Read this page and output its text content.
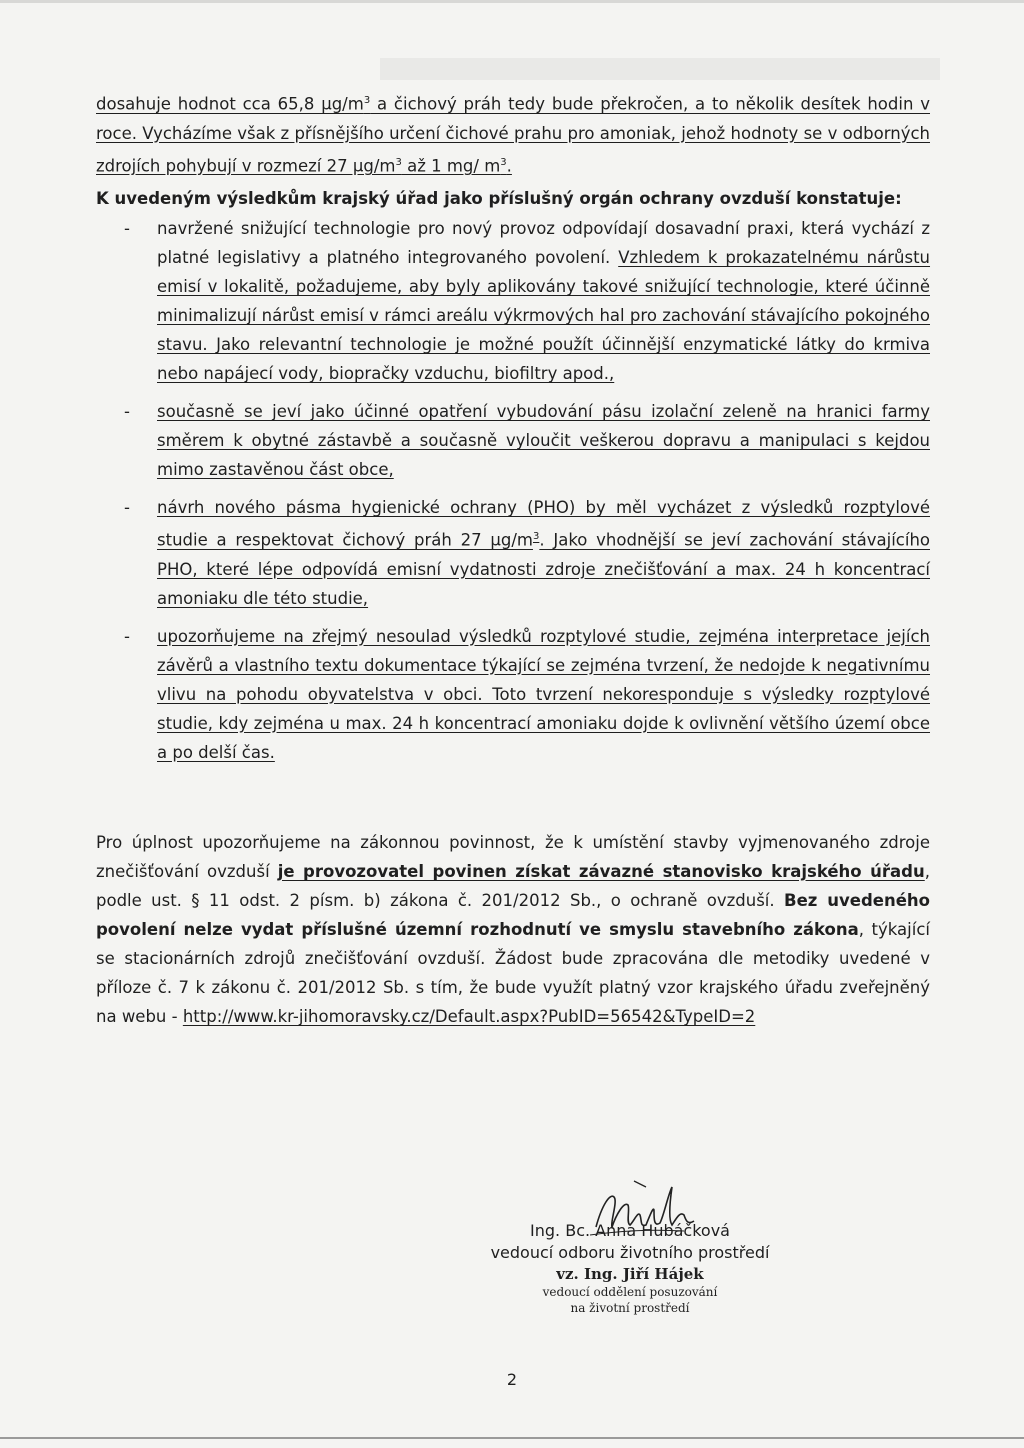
dosahuje hodnot cca 65,8 $\mu g/m^3$ a čichový práh tedy bude překročen, a to několik desítek hodin v roce. Vycházíme však z přísnějšího určení čichové prahu pro amoniak, jehož hodnoty se v odborných zdrojích pohybují v rozmezí 27 $\mu g/m^3$ až 1 mg/ $m^3$.
K uvedeným výsledkům krajský úřad jako příslušný orgán ochrany ovzduší konstatuje:
- navržené snižující technologie pro nový provoz odpovídají dosavadní praxi, která vychází z platné legislativy a platného integrovaného povolení. Vzhledem k prokazatelnému nárůstu emisí v lokalitě, požadujeme, aby byly aplikovány takové snižující technologie, které účinně minimalizují nárůst emisí v rámci areálu výkrmových hal pro zachování stávajícího pokojného stavu. Jako relevantní technologie je možné použít účinnější enzymatické látky do krmiva nebo napájecí vody, biopračky vzduchu, biofiltry apod.,
- současně se jeví jako účinné opatření vybudování pásu izolační zeleně na hranici farmy směrem k obytné zástavbě a současně vyloučit veškerou dopravu a manipulaci s kejdou mimo zastavěnou část obce,
- návrh nového pásma hygienické ochrany (PHO) by měl vycházet z výsledků rozptylové studie a respektovat čichový práh 27 $\mu g/m^3$. Jako vhodnější se jeví zachování stávajícího PHO, které lépe odpovídá emisní vydatnosti zdroje znečišťování a max. 24 h koncentrací amoniaku dle této studie,
- upozorňujeme na zřejmý nesoulad výsledků rozptylové studie, zejména interpretace jejích závěrů a vlastního textu dokumentace týkající se zejména tvrzení, že nedojde k negativnímu vlivu na pohodu obyvatelstva v obci. Toto tvrzení nekoresponduje s výsledky rozptylové studie, kdy zejména u max. 24 h koncentrací amoniaku dojde k ovlivnění většího území obce a po delší čas.
Pro úplnost upozorňujeme na zákonnou povinnost, že k umístění stavby vyjmenovaného zdroje znečišťování ovzduší je provozovatel povinen získat závazné stanovisko krajského úřadu, podle ust. § 11 odst. 2 písm. b) zákona č. 201/2012 Sb., o ochraně ovzduší. Bez uvedeného povolení nelze vydat příslušné územní rozhodnutí ve smyslu stavebního zákona, týkající se stacionárních zdrojů znečišťování ovzduší. Žádost bude zpracována dle metodiky uvedené v příloze č. 7 k zákonu č. 201/2012 Sb. s tím, že bude využít platný vzor krajského úřadu zveřejněný na webu - http://www.kr-jihomoravsky.cz/Default.aspx?PubID=56542&TypeID=2
Ing. Bc. Anna Hubáčková
vedoucí odboru životního prostředí
vz. Ing. Jiří Hájek
vedoucí oddělení posuzování
na životní prostředí
2
